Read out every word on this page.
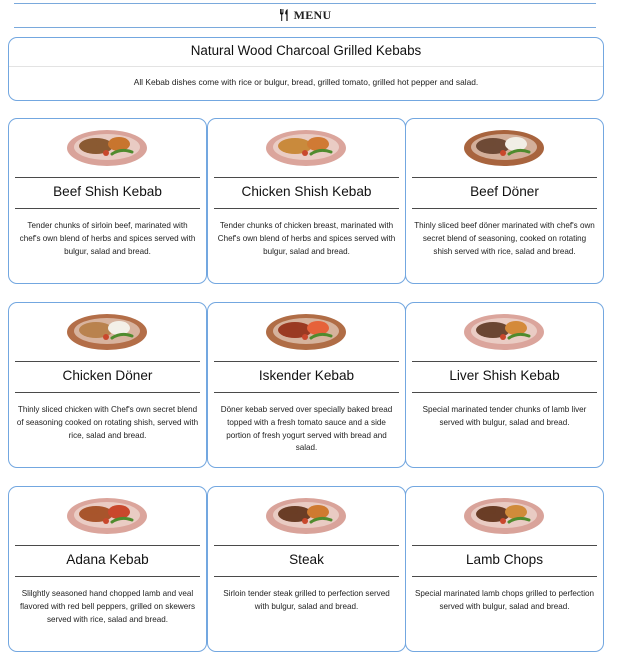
MENU
Natural Wood Charcoal Grilled Kebabs
All Kebab dishes come with rice or bulgur, bread, grilled tomato, grilled hot pepper and salad.
Beef Shish Kebab
Tender chunks of sirloin beef, marinated with chef's own blend of herbs and spices served with bulgur, salad and bread.
Chicken Shish Kebab
Tender chunks of chicken breast, marinated with Chef's own blend of herbs and spices served with bulgur, salad and bread.
Beef Döner
Thinly sliced beef döner marinated with chef's own secret blend of seasoning, cooked on rotating shish served with rice, salad and bread.
Chicken Döner
Thinly sliced chicken with Chef's own secret blend of seasoning cooked on rotating shish, served with rice, salad and bread.
Iskender Kebab
Döner kebab served over specially baked bread topped with a fresh tomato sauce and a side portion of fresh yogurt served with bread and salad.
Liver Shish Kebab
Special marinated tender chunks of lamb liver served with bulgur, salad and bread.
Adana Kebab
Slilghtly seasoned hand chopped lamb and veal flavored with red bell peppers, grilled on skewers served with rice, salad and bread.
Steak
Sirloin tender steak grilled to perfection served with bulgur, salad and bread.
Lamb Chops
Special marinated lamb chops grilled to perfection served with bulgur, salad and bread.
